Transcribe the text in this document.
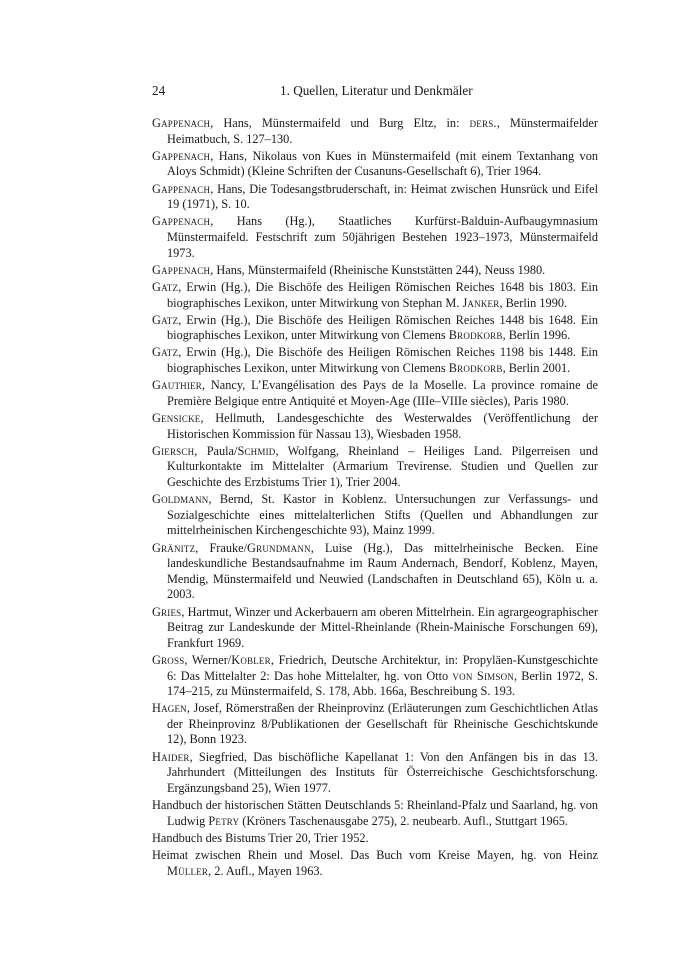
24	1. Quellen, Literatur und Denkmäler

Gappenach, Hans, Münstermaifeld und Burg Eltz, in: ders., Münstermaifelder Heimatbuch, S. 127–130.

Gappenach, Hans, Nikolaus von Kues in Münstermaifeld (mit einem Textanhang von Aloys Schmidt) (Kleine Schriften der Cusanuns-Gesellschaft 6), Trier 1964.

Gappenach, Hans, Die Todesangstbruderschaft, in: Heimat zwischen Hunsrück und Eifel 19 (1971), S. 10.

Gappenach, Hans (Hg.), Staatliches Kurfürst-Balduin-Aufbaugymnasium Münstermaifeld. Festschrift zum 50jährigen Bestehen 1923–1973, Münstermaifeld 1973.

Gappenach, Hans, Münstermaifeld (Rheinische Kunststätten 244), Neuss 1980.

Gatz, Erwin (Hg.), Die Bischöfe des Heiligen Römischen Reiches 1648 bis 1803. Ein biographisches Lexikon, unter Mitwirkung von Stephan M. Janker, Berlin 1990.

Gatz, Erwin (Hg.), Die Bischöfe des Heiligen Römischen Reiches 1448 bis 1648. Ein biographisches Lexikon, unter Mitwirkung von Clemens Brodkorb, Berlin 1996.

Gatz, Erwin (Hg.), Die Bischöfe des Heiligen Römischen Reiches 1198 bis 1448. Ein biographisches Lexikon, unter Mitwirkung von Clemens Brodkorb, Berlin 2001.

Gauthier, Nancy, L’Evangélisation des Pays de la Moselle. La province romaine de Première Belgique entre Antiquité et Moyen-Age (IIIe–VIIIe siècles), Paris 1980.

Gensicke, Hellmuth, Landesgeschichte des Westerwaldes (Veröffentlichung der Historischen Kommission für Nassau 13), Wiesbaden 1958.

Giersch, Paula/Schmid, Wolfgang, Rheinland – Heiliges Land. Pilgerreisen und Kulturkontakte im Mittelalter (Armarium Trevirense. Studien und Quellen zur Geschichte des Erzbistums Trier 1), Trier 2004.

Goldmann, Bernd, St. Kastor in Koblenz. Untersuchungen zur Verfassungs- und Sozialgeschichte eines mittelalterlichen Stifts (Quellen und Abhandlungen zur mittelrheinischen Kirchengeschichte 93), Mainz 1999.

Gränitz, Frauke/Grundmann, Luise (Hg.), Das mittelrheinische Becken. Eine landeskundliche Bestandsaufnahme im Raum Andernach, Bendorf, Koblenz, Mayen, Mendig, Münstermaifeld und Neuwied (Landschaften in Deutschland 65), Köln u. a. 2003.

Gries, Hartmut, Winzer und Ackerbauern am oberen Mittelrhein. Ein agrargeographischer Beitrag zur Landeskunde der Mittel-Rheinlande (Rhein-Mainische Forschungen 69), Frankfurt 1969.

Gross, Werner/Kobler, Friedrich, Deutsche Architektur, in: Propyläen-Kunstgeschichte 6: Das Mittelalter 2: Das hohe Mittelalter, hg. von Otto von Simson, Berlin 1972, S. 174–215, zu Münstermaifeld, S. 178, Abb. 166a, Beschreibung S. 193.

Hagen, Josef, Römerstraßen der Rheinprovinz (Erläuterungen zum Geschichtlichen Atlas der Rheinprovinz 8/Publikationen der Gesellschaft für Rheinische Geschichtskunde 12), Bonn 1923.

Haider, Siegfried, Das bischöfliche Kapellanat 1: Von den Anfängen bis in das 13. Jahrhundert (Mitteilungen des Instituts für Österreichische Geschichtsforschung. Ergänzungsband 25), Wien 1977.

Handbuch der historischen Stätten Deutschlands 5: Rheinland-Pfalz und Saarland, hg. von Ludwig Petry (Kröners Taschenausgabe 275), 2. neubearb. Aufl., Stuttgart 1965.

Handbuch des Bistums Trier 20, Trier 1952.

Heimat zwischen Rhein und Mosel. Das Buch vom Kreise Mayen, hg. von Heinz Müller, 2. Aufl., Mayen 1963.
